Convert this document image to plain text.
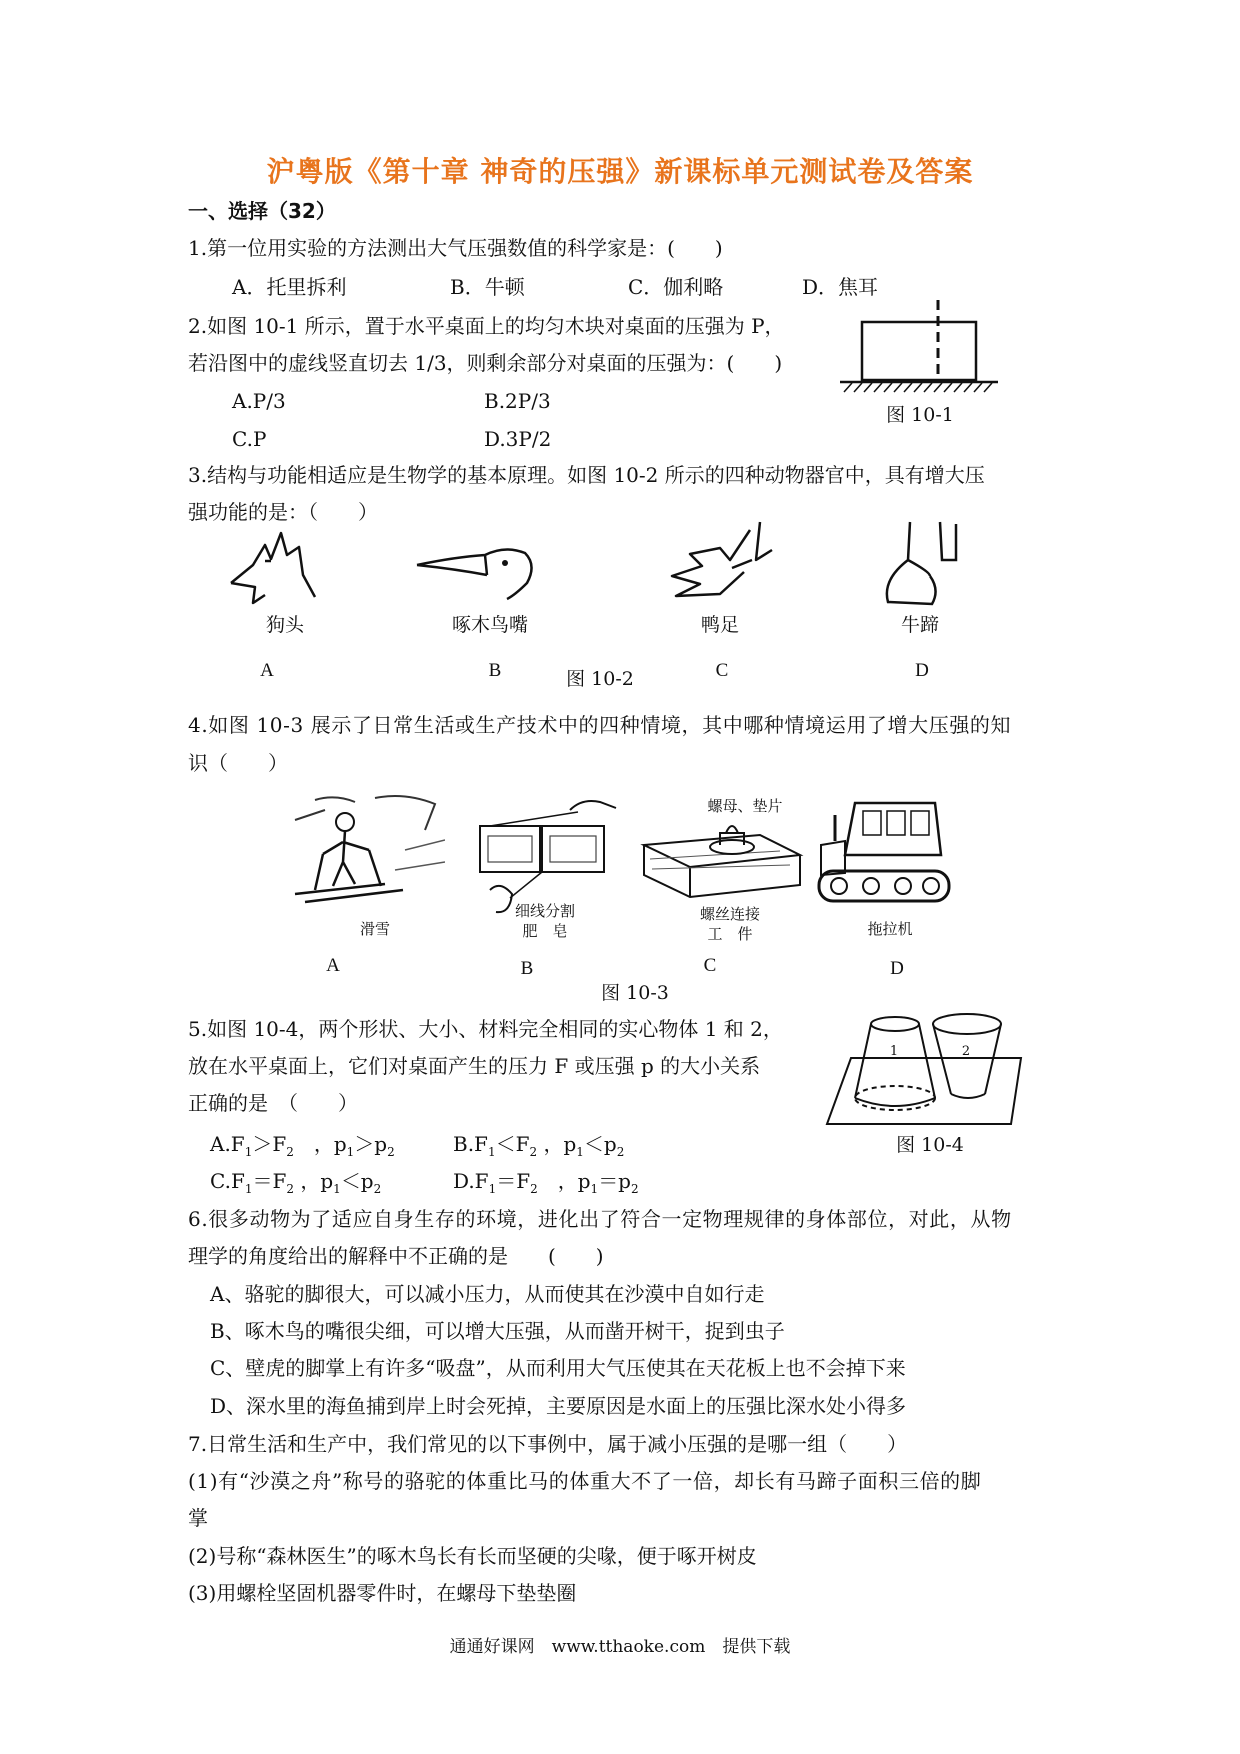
沪粤版《第十章 神奇的压强》新课标单元测试卷及答案
一、选择（32）
1.第一位用实验的方法测出大气压强数值的科学家是：(　　)
A．托里拆利	B．牛顿	C．伽利略	D．焦耳
2.如图 10-1 所示，置于水平桌面上的均匀木块对桌面的压强为 P，
若沿图中的虚线竖直切去 1/3，则剩余部分对桌面的压强为：(　　)
A.P/3	B.2P/3
C.P	D.3P/2
图 10-1
3.结构与功能相适应是生物学的基本原理。如图 10-2 所示的四种动物器官中，具有增大压
强功能的是：（　　）
狗头	啄木鸟嘴	鸭足	牛蹄
A	B	图 10-2	C	D
4.如图 10-3 展示了日常生活或生产技术中的四种情境，其中哪种情境运用了增大压强的知
识（　　）
滑雪
细线分割
肥　皂
螺母、垫片
螺丝连接
工　件	拖拉机
A	B	C	D
图 10-3
5.如图 10-4，两个形状、大小、材料完全相同的实心物体 1 和 2，
放在水平桌面上，它们对桌面产生的压力 F 或压强 p 的大小关系
正确的是　（　　）
$A.F_1>F_2$　，$p_1>p_2$	$B.F_1<F_2$ ，$p_1<p_2$
$C.F_1=F_2$ ，$p_1<p_2$	$D.F_1=F_2$　，$p_1=p_2$
1	2
图 10-4
6.很多动物为了适应自身生存的环境，进化出了符合一定物理规律的身体部位，对此，从物
理学的角度给出的解释中不正确的是　　(　　)
A、骆驼的脚很大，可以减小压力，从而使其在沙漠中自如行走
B、啄木鸟的嘴很尖细，可以增大压强，从而凿开树干，捉到虫子
C、壁虎的脚掌上有许多“吸盘”，从而利用大气压使其在天花板上也不会掉下来
D、深水里的海鱼捕到岸上时会死掉，主要原因是水面上的压强比深水处小得多
7.日常生活和生产中，我们常见的以下事例中，属于减小压强的是哪一组（　　）
(1)有“沙漠之舟”称号的骆驼的体重比马的体重大不了一倍，却长有马蹄子面积三倍的脚
掌
(2)号称“森林医生”的啄木鸟长有长而坚硬的尖喙，便于啄开树皮
(3)用螺栓坚固机器零件时，在螺母下垫垫圈
通通好课网　www.tthaoke.com　提供下载
